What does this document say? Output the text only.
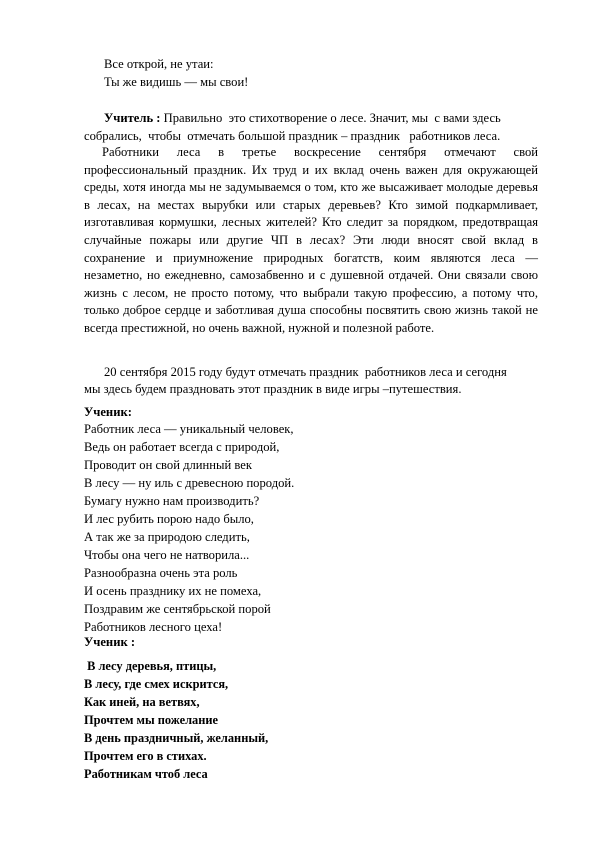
Все открой, не утаи:
Ты же видишь — мы свои!
Учитель : Правильно  это стихотворение о лесе. Значит, мы  с вами здесь
собрались,  чтобы  отмечать большой праздник – праздник   работников леса.

Работники леса в третье воскресение сентября отмечают свой профессиональный праздник. Их труд и их вклад очень важен для окружающей среды, хотя иногда мы не задумываемся о том, кто же высаживает молодые деревья в лесах, на местах вырубки или старых деревьев? Кто зимой подкармливает, изготавливая кормушки, лесных жителей? Кто следит за порядком, предотвращая случайные пожары или другие ЧП в лесах? Эти люди вносят свой вклад в сохранение и приумножение природных богатств, коим являются леса — незаметно, но ежедневно, самозабвенно и с душевной отдачей. Они связали свою жизнь с лесом, не просто потому, что выбрали такую профессию, а потому что, только доброе сердце и заботливая душа способны посвятить свою жизнь такой не всегда престижной, но очень важной, нужной и полезной работе.

20 сентября 2015 году будут отмечать праздник  работников леса и сегодня
мы здесь будем праздновать этот праздник в виде игры –путешествия.
Ученик:
Работник леса — уникальный человек,
Ведь он работает всегда с природой,
Проводит он свой длинный век
В лесу — ну иль с древесною породой.
Бумагу нужно нам производить?
И лес рубить порою надо было,
А так же за природою следить,
Чтобы она чего не натворила...
Разнообразна очень эта роль
И осень празднику их не помеха,
Поздравим же сентябрьской порой
Работников лесного цеха!
Ученик :
В лесу деревья, птицы,
В лесу, где смех искрится,
Как иней, на ветвях,
Прочтем мы пожелание
В день праздничный, желанный,
Прочтем его в стихах.
Работникам чтоб леса
